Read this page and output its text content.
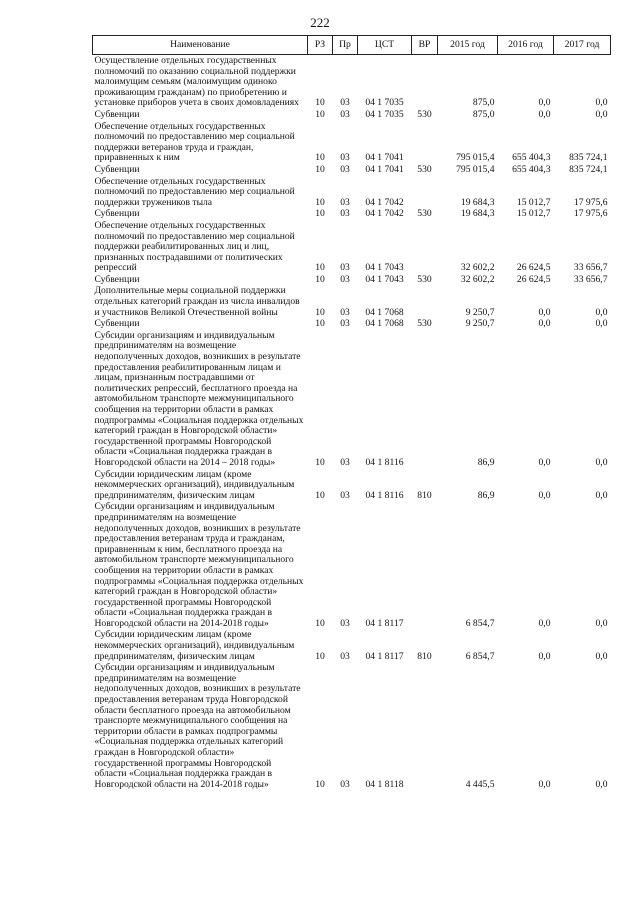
222
Наименование	РЗ	Пр	ЦСТ	ВР	2015 год	2016 год	2017 год
Осуществление отдельных государственных полномочий по оказанию социальной поддержки малоимущим семьям (малоимущим одиноко проживающим гражданам) по приобретению и установке приборов учета в своих домовладениях	10	03	04 1 7035		875,0	0,0	0,0
Субвенции	10	03	04 1 7035	530	875,0	0,0	0,0
Обеспечение отдельных государственных полномочий по предоставлению мер социальной поддержки ветеранов труда и граждан, приравненных к ним	10	03	04 1 7041		795 015,4	655 404,3	835 724,1
Субвенции	10	03	04 1 7041	530	795 015,4	655 404,3	835 724,1
Обеспечение отдельных государственных полномочий по предоставлению мер социальной поддержки тружеников тыла	10	03	04 1 7042		19 684,3	15 012,7	17 975,6
Субвенции	10	03	04 1 7042	530	19 684,3	15 012,7	17 975,6
Обеспечение отдельных государственных полномочий по предоставлению мер социальной поддержки реабилитированных лиц и лиц, признанных пострадавшими от политических репрессий	10	03	04 1 7043		32 602,2	26 624,5	33 656,7
Субвенции	10	03	04 1 7043	530	32 602,2	26 624,5	33 656,7
Дополнительные меры социальной поддержки отдельных категорий граждан из числа инвалидов и участников Великой Отечественной войны	10	03	04 1 7068		9 250,7	0,0	0,0
Субвенции	10	03	04 1 7068	530	9 250,7	0,0	0,0
Субсидии организациям и индивидуальным предпринимателям на возмещение недополученных доходов, возникших в результате предоставления реабилитированным лицам и лицам, признанным пострадавшими от политических репрессий, бесплатного проезда на автомобильном транспорте межмуниципального сообщения на территории области в рамках подпрограммы «Социальная поддержка отдельных категорий граждан в Новгородской области» государственной программы Новгородской области «Социальная поддержка граждан в Новгородской области на 2014 – 2018 годы»	10	03	04 1 8116		86,9	0,0	0,0
Субсидии юридическим лицам (кроме некоммерческих организаций), индивидуальным предпринимателям, физическим лицам	10	03	04 1 8116	810	86,9	0,0	0,0
Субсидии организациям и индивидуальным предпринимателям на возмещение недополученных доходов, возникших в результате предоставления ветеранам труда и гражданам, приравненным к ним, бесплатного проезда на автомобильном транспорте межмуниципального сообщения на территории области в рамках подпрограммы «Социальная поддержка отдельных категорий граждан в Новгородской области» государственной программы Новгородской области «Социальная поддержка граждан в Новгородской области на 2014-2018 годы»	10	03	04 1 8117		6 854,7	0,0	0,0
Субсидии юридическим лицам (кроме некоммерческих организаций), индивидуальным предпринимателям, физическим лицам	10	03	04 1 8117	810	6 854,7	0,0	0,0
Субсидии организациям и индивидуальным предпринимателям на возмещение недополученных доходов, возникших в результате предоставления ветеранам труда Новгородской области бесплатного проезда на автомобильном транспорте межмуниципального сообщения на территории области в рамках подпрограммы «Социальная поддержка отдельных категорий граждан в Новгородской области» государственной программы Новгородской области «Социальная поддержка граждан в Новгородской области на 2014-2018 годы»	10	03	04 1 8118		4 445,5	0,0	0,0
